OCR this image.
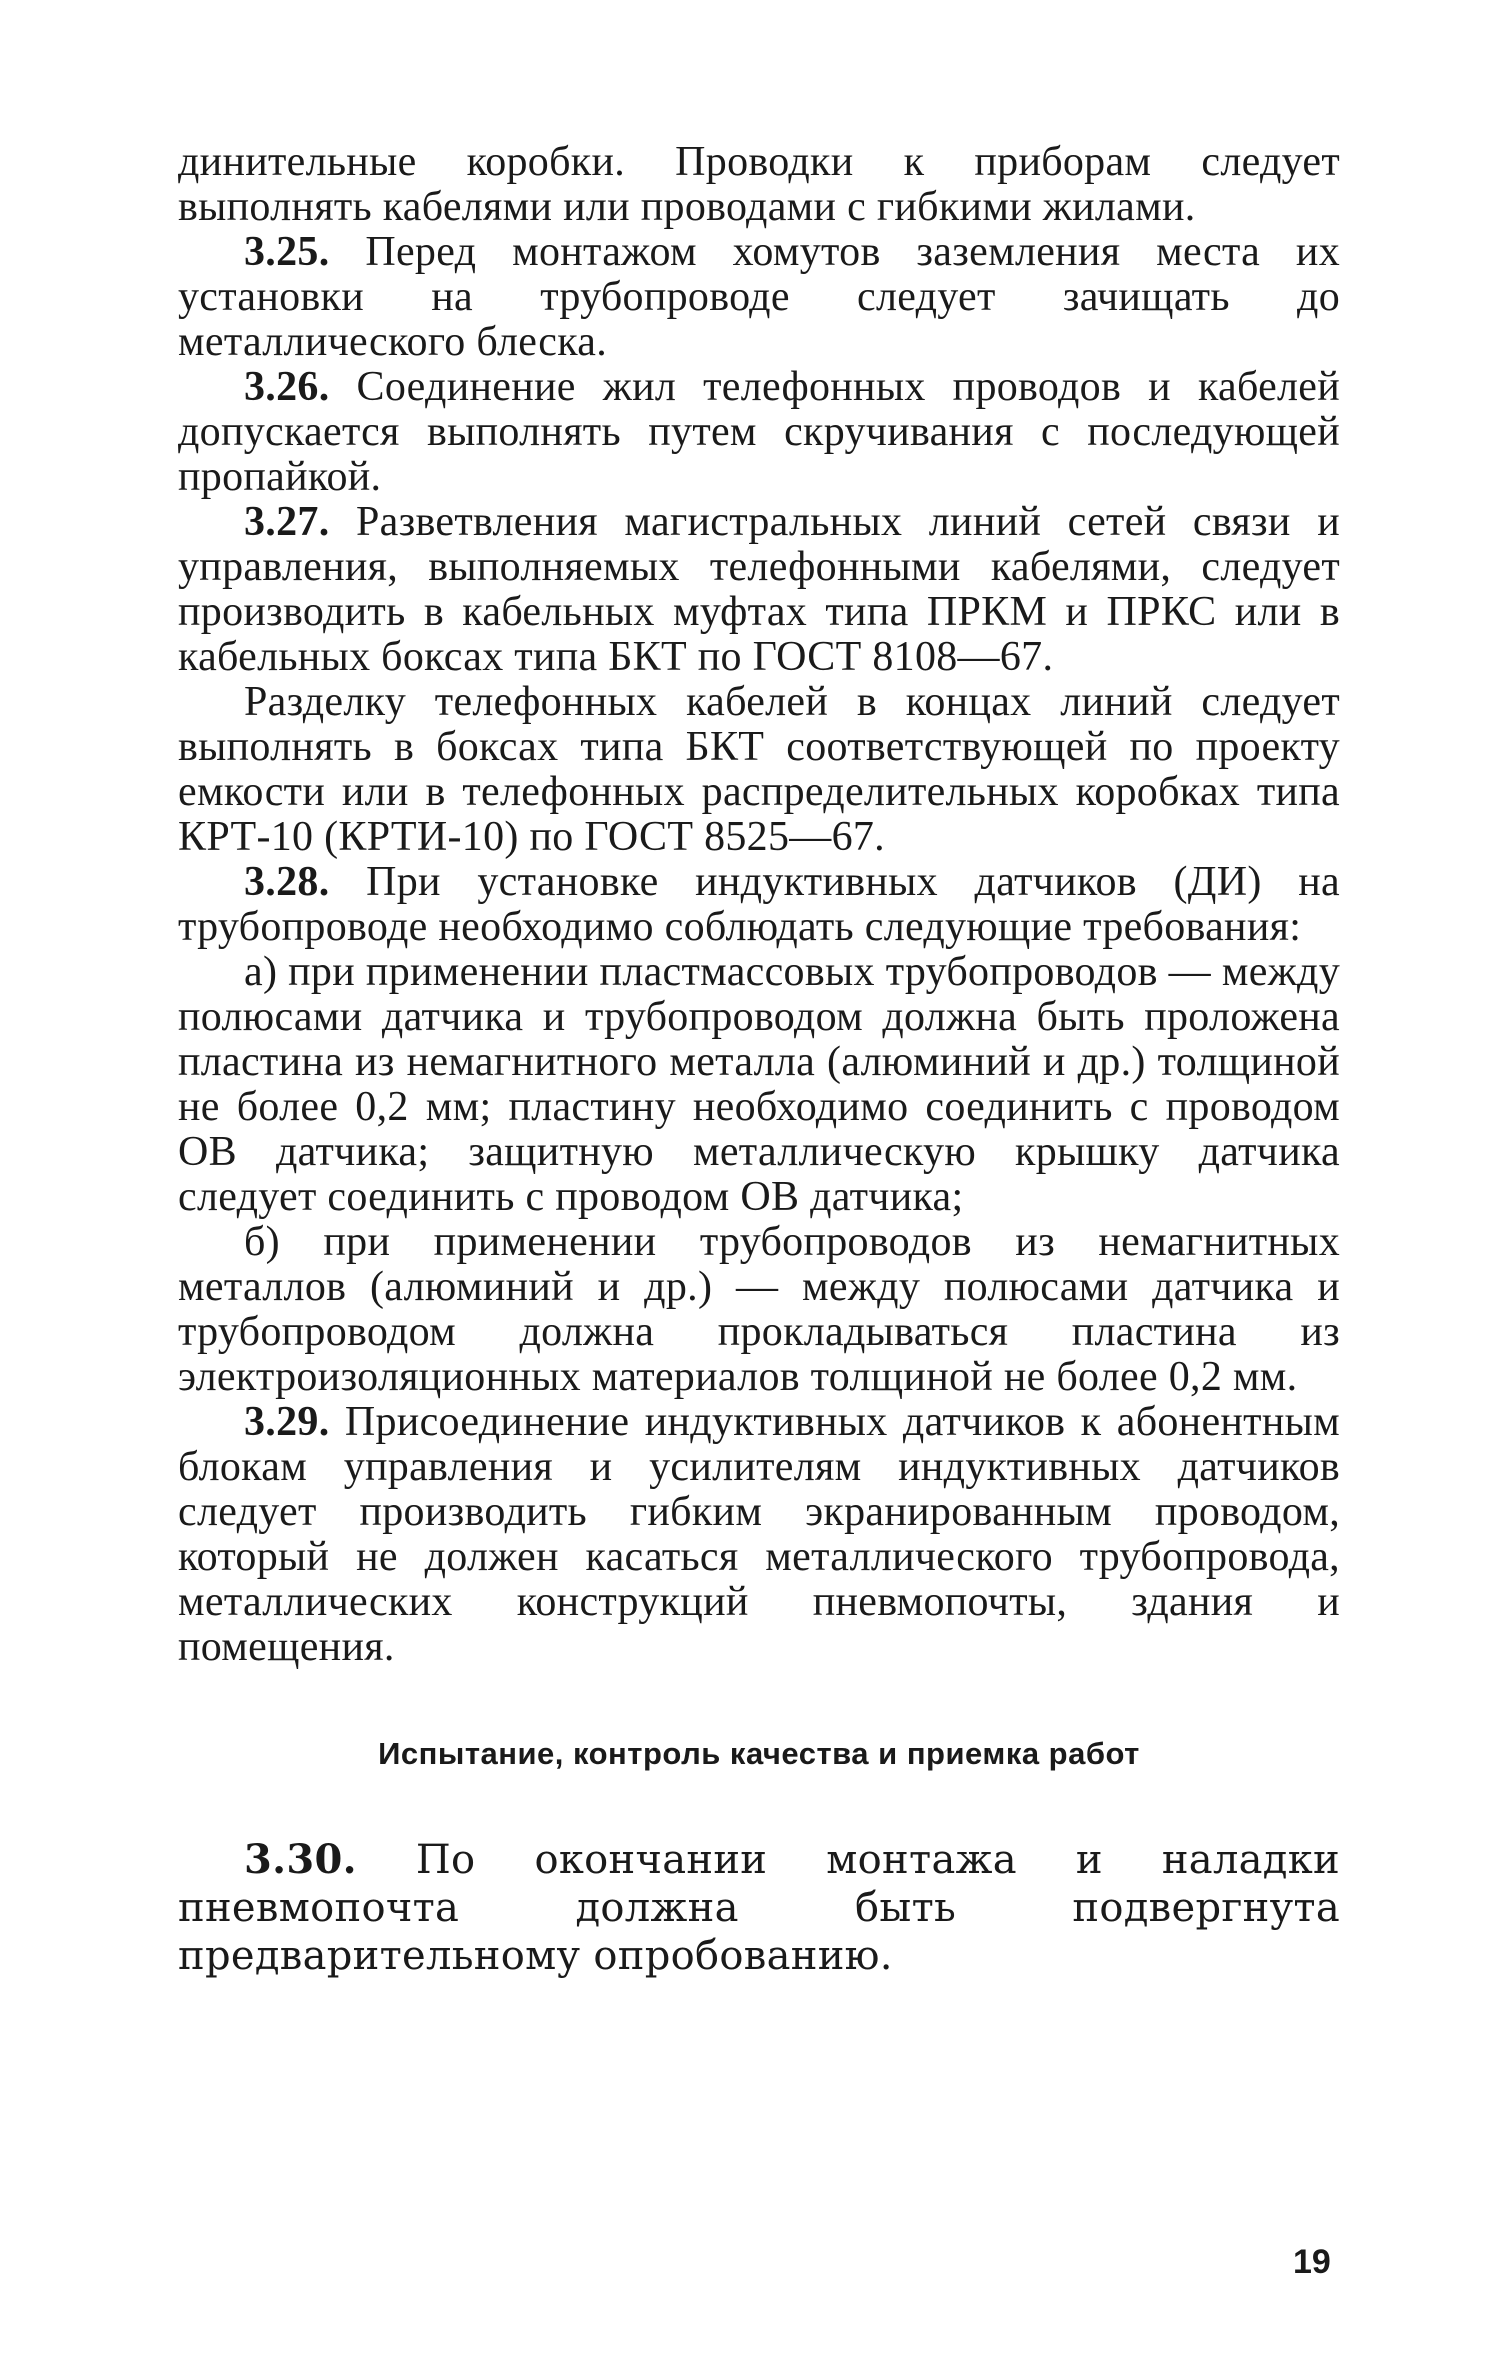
динительные коробки. Проводки к приборам следует выполнять кабелями или проводами с гибкими жилами.

3.25. Перед монтажом хомутов заземления места их установки на трубопроводе следует зачищать до металлического блеска.

3.26. Соединение жил телефонных проводов и кабелей допускается выполнять путем скручивания с последующей пропайкой.

3.27. Разветвления магистральных линий сетей связи и управления, выполняемых телефонными кабелями, следует производить в кабельных муфтах типа ПРКМ и ПРКС или в кабельных боксах типа БКТ по ГОСТ 8108—67.

Разделку телефонных кабелей в концах линий следует выполнять в боксах типа БКТ соответствующей по проекту емкости или в телефонных распределительных коробках типа КРТ-10 (КРТИ-10) по ГОСТ 8525—67.

3.28. При установке индуктивных датчиков (ДИ) на трубопроводе необходимо соблюдать следующие требования:

а) при применении пластмассовых трубопроводов — между полюсами датчика и трубопроводом должна быть проложена пластина из немагнитного металла (алюминий и др.) толщиной не более 0,2 мм; пластину необходимо соединить с проводом ОВ датчика; защитную металлическую крышку датчика следует соединить с проводом ОВ датчика;

б) при применении трубопроводов из немагнитных металлов (алюминий и др.) — между полюсами датчика и трубопроводом должна прокладываться пластина из электроизоляционных материалов толщиной не более 0,2 мм.

3.29. Присоединение индуктивных датчиков к абонентным блокам управления и усилителям индуктивных датчиков следует производить гибким экранированным проводом, который не должен касаться металлического трубопровода, металлических конструкций пневмопочты, здания и помещения.

Испытание, контроль качества и приемка работ

3.30. По окончании монтажа и наладки пневмопочта должна быть подвергнута предварительному опробованию.

19
